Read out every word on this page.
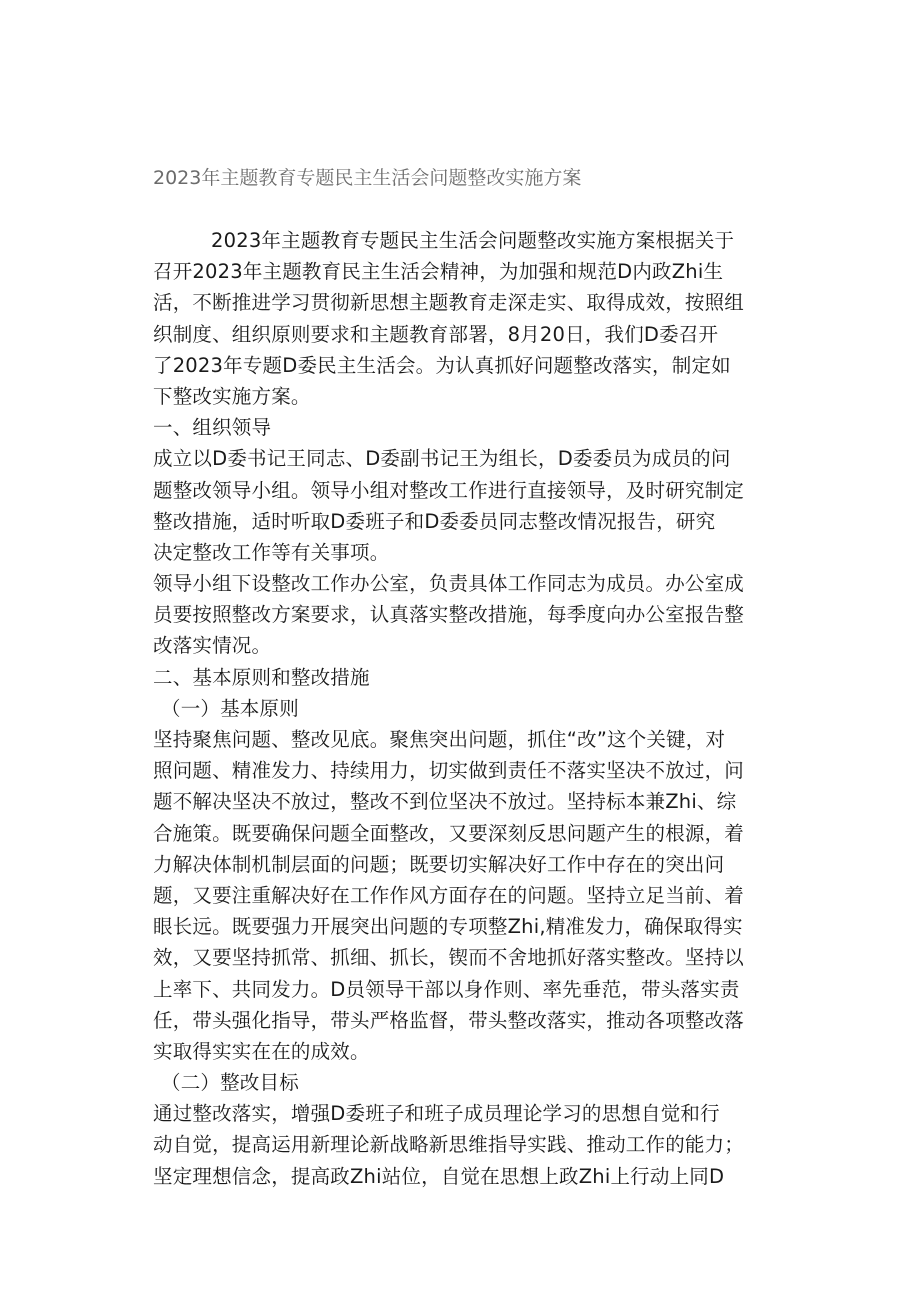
2023年主题教育专题民主生活会问题整改实施方案
2023年主题教育专题民主生活会问题整改实施方案根据关于
召开2023年主题教育民主生活会精神，为加强和规范D内政Zhi生
活，不断推进学习贯彻新思想主题教育走深走实、取得成效，按照组
织制度、组织原则要求和主题教育部署，8月20日，我们D委召开
了2023年专题D委民主生活会。为认真抓好问题整改落实，制定如
下整改实施方案。
一、组织领导
成立以D委书记王同志、D委副书记王为组长，D委委员为成员的问
题整改领导小组。领导小组对整改工作进行直接领导，及时研究制定
整改措施，适时听取D委班子和D委委员同志整改情况报告，研究
决定整改工作等有关事项。
领导小组下设整改工作办公室，负责具体工作同志为成员。办公室成
员要按照整改方案要求，认真落实整改措施，每季度向办公室报告整
改落实情况。
二、基本原则和整改措施
（一）基本原则
坚持聚焦问题、整改见底。聚焦突出问题，抓住“改”这个关键，对
照问题、精准发力、持续用力，切实做到责任不落实坚决不放过，问
题不解决坚决不放过，整改不到位坚决不放过。坚持标本兼Zhi、综
合施策。既要确保问题全面整改，又要深刻反思问题产生的根源，着
力解决体制机制层面的问题；既要切实解决好工作中存在的突出问
题，又要注重解决好在工作作风方面存在的问题。坚持立足当前、着
眼长远。既要强力开展突出问题的专项整Zhi,精准发力，确保取得实
效，又要坚持抓常、抓细、抓长，锲而不舍地抓好落实整改。坚持以
上率下、共同发力。D员领导干部以身作则、率先垂范，带头落实责
任，带头强化指导，带头严格监督，带头整改落实，推动各项整改落
实取得实实在在的成效。
（二）整改目标
通过整改落实，增强D委班子和班子成员理论学习的思想自觉和行
动自觉，提高运用新理论新战略新思维指导实践、推动工作的能力；
坚定理想信念，提高政Zhi站位，自觉在思想上政Zhi上行动上同D
